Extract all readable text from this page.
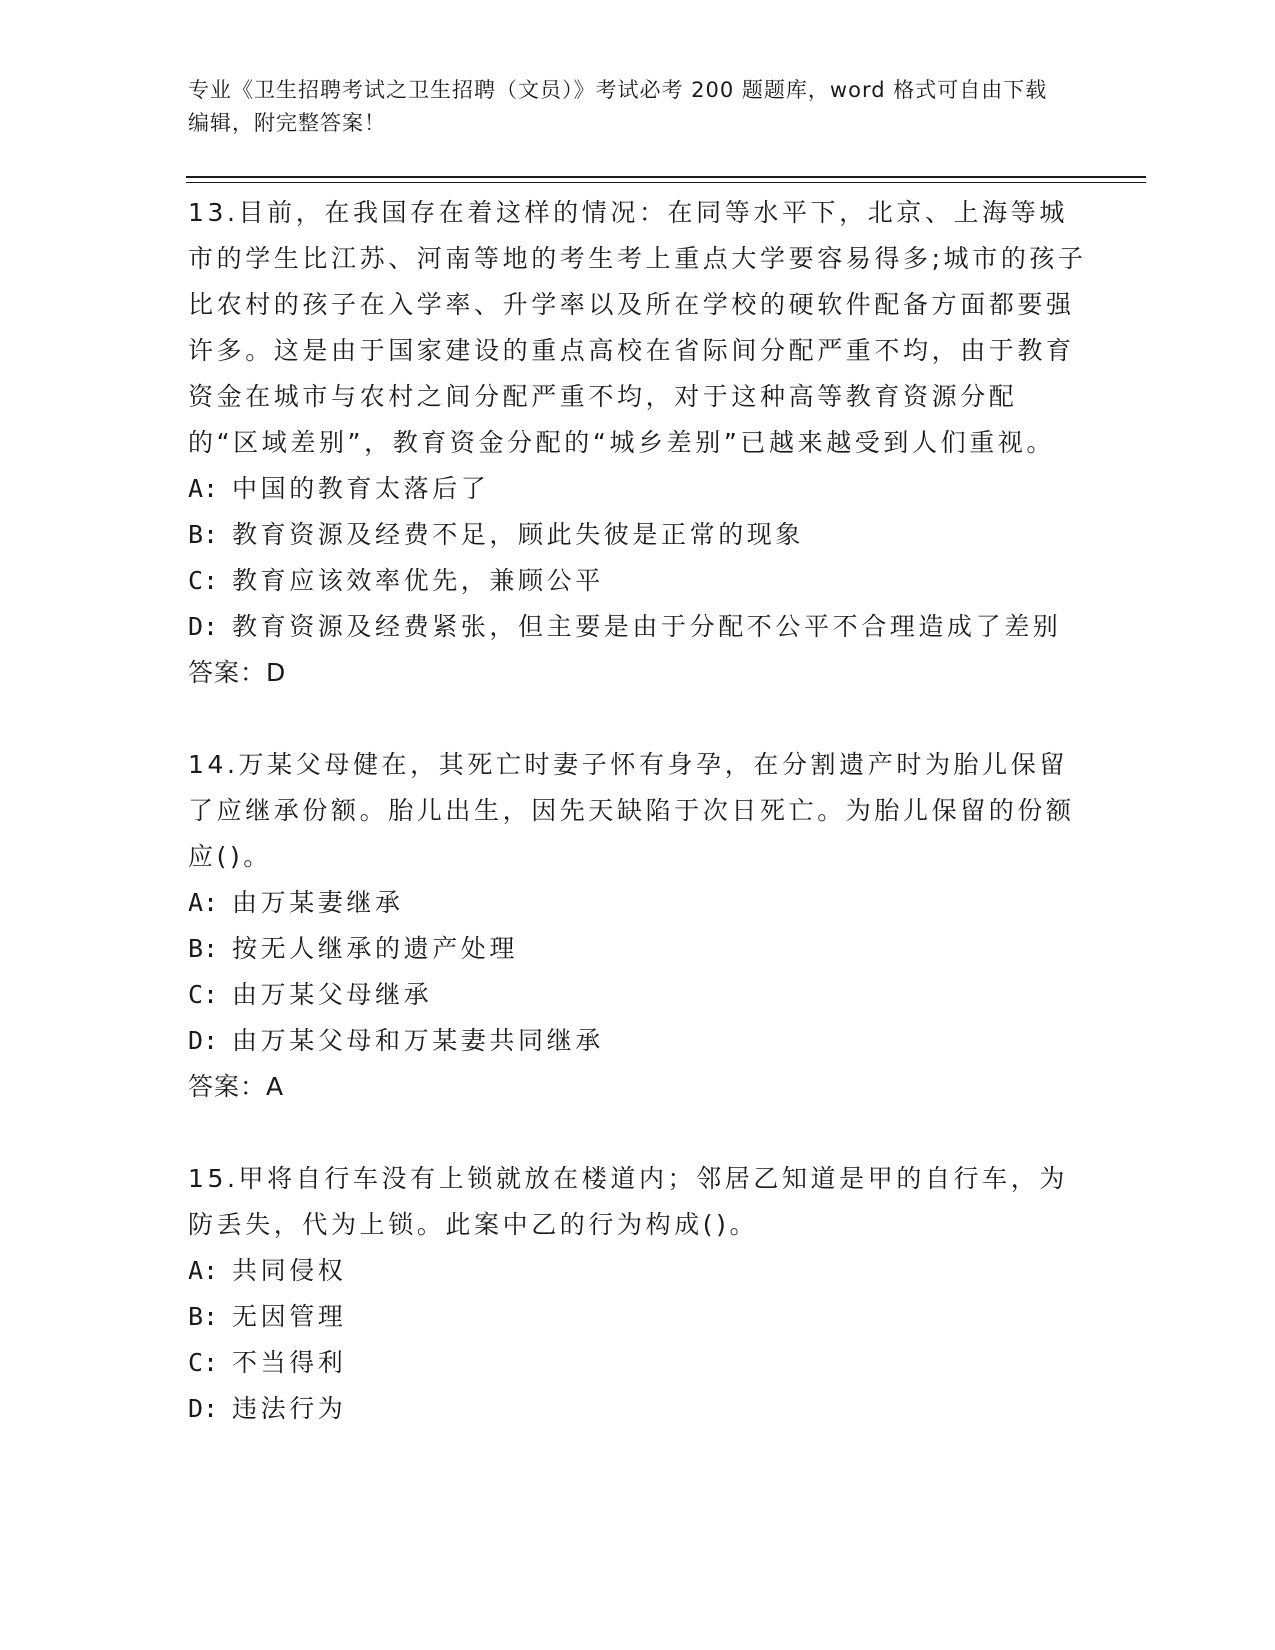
专业《卫生招聘考试之卫生招聘（文员）》考试必考 200 题题库，word 格式可自由下载编辑，附完整答案！

13.目前，在我国存在着这样的情况：在同等水平下，北京、上海等城市的学生比江苏、河南等地的考生考上重点大学要容易得多;城市的孩子比农村的孩子在入学率、升学率以及所在学校的硬软件配备方面都要强许多。这是由于国家建设的重点高校在省际间分配严重不均，由于教育资金在城市与农村之间分配严重不均，对于这种高等教育资源分配的“区域差别”，教育资金分配的“城乡差别”已越来越受到人们重视。

A: 中国的教育太落后了

B: 教育资源及经费不足，顾此失彼是正常的现象

C: 教育应该效率优先，兼顾公平

D: 教育资源及经费紧张，但主要是由于分配不公平不合理造成了差别

答案：D

14.万某父母健在，其死亡时妻子怀有身孕，在分割遗产时为胎儿保留了应继承份额。胎儿出生，因先天缺陷于次日死亡。为胎儿保留的份额应()。

A: 由万某妻继承

B: 按无人继承的遗产处理

C: 由万某父母继承

D: 由万某父母和万某妻共同继承

答案：A

15.甲将自行车没有上锁就放在楼道内；邻居乙知道是甲的自行车，为防丢失，代为上锁。此案中乙的行为构成()。

A: 共同侵权

B: 无因管理

C: 不当得利

D: 违法行为
